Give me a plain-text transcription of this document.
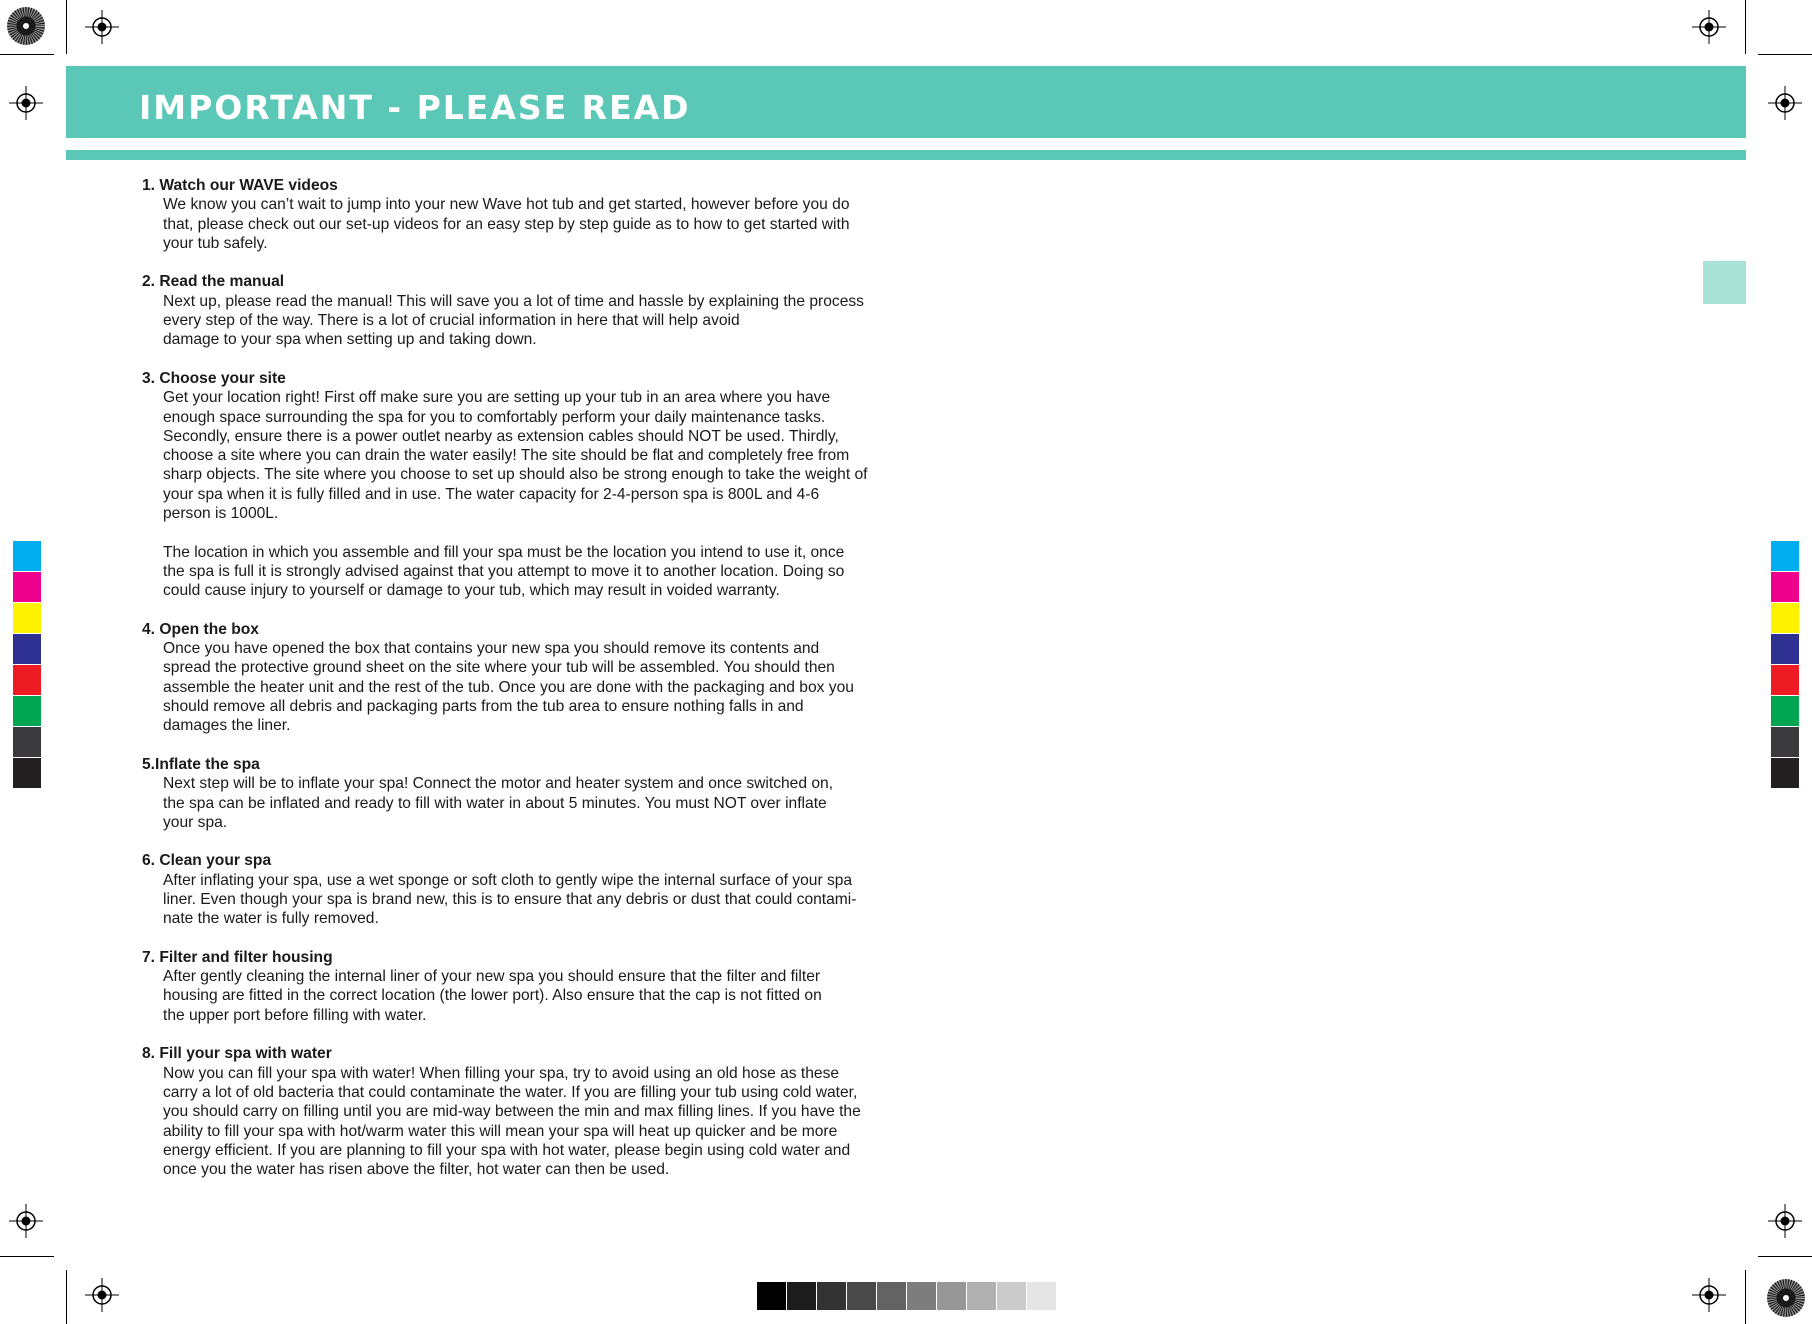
IMPORTANT - PLEASE READ
1. Watch our WAVE videos
We know you can’t wait to jump into your new Wave hot tub and get started, however before you do
that, please check out our set-up videos for an easy step by step guide as to how to get started with
your tub safely.
2. Read the manual
Next up, please read the manual! This will save you a lot of time and hassle by explaining the process
every step of the way. There is a lot of crucial information in here that will help avoid
damage to your spa when setting up and taking down.
3. Choose your site
Get your location right! First off make sure you are setting up your tub in an area where you have
enough space surrounding the spa for you to comfortably perform your daily maintenance tasks.
Secondly, ensure there is a power outlet nearby as extension cables should NOT be used. Thirdly,
choose a site where you can drain the water easily! The site should be flat and completely free from
sharp objects. The site where you choose to set up should also be strong enough to take the weight of
your spa when it is fully filled and in use. The water capacity for 2-4-person spa is 800L and 4-6
person is 1000L.
The location in which you assemble and fill your spa must be the location you intend to use it, once
the spa is full it is strongly advised against that you attempt to move it to another location. Doing so
could cause injury to yourself or damage to your tub, which may result in voided warranty.
4. Open the box
Once you have opened the box that contains your new spa you should remove its contents and
spread the protective ground sheet on the site where your tub will be assembled. You should then
assemble the heater unit and the rest of the tub. Once you are done with the packaging and box you
should remove all debris and packaging parts from the tub area to ensure nothing falls in and
damages the liner.
5.Inflate the spa
Next step will be to inflate your spa! Connect the motor and heater system and once switched on,
the spa can be inflated and ready to fill with water in about 5 minutes. You must NOT over inflate
your spa.
6. Clean your spa
After inflating your spa, use a wet sponge or soft cloth to gently wipe the internal surface of your spa
liner. Even though your spa is brand new, this is to ensure that any debris or dust that could contami-
nate the water is fully removed.
7. Filter and filter housing
After gently cleaning the internal liner of your new spa you should ensure that the filter and filter
housing are fitted in the correct location (the lower port). Also ensure that the cap is not fitted on
the upper port before filling with water.
8. Fill your spa with water
Now you can fill your spa with water! When filling your spa, try to avoid using an old hose as these
carry a lot of old bacteria that could contaminate the water. If you are filling your tub using cold water,
you should carry on filling until you are mid-way between the min and max filling lines. If you have the
ability to fill your spa with hot/warm water this will mean your spa will heat up quicker and be more
energy efficient. If you are planning to fill your spa with hot water, please begin using cold water and
once you the water has risen above the filter, hot water can then be used.
